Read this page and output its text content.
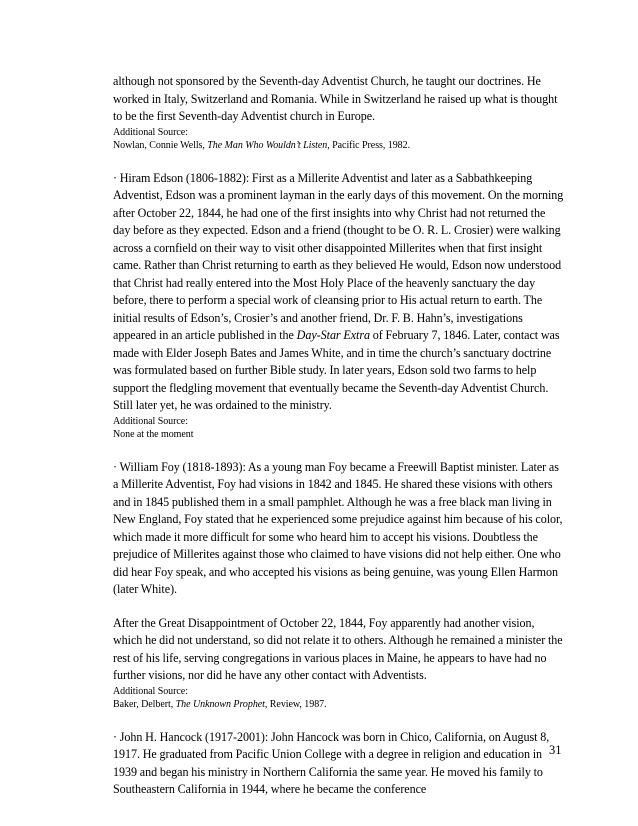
although not sponsored by the Seventh-day Adventist Church, he taught our doctrines. He worked in Italy, Switzerland and Romania. While in Switzerland he raised up what is thought to be the first Seventh-day Adventist church in Europe.

Additional Source:

Nowlan, Connie Wells, The Man Who Wouldn’t Listen, Pacific Press, 1982.

· Hiram Edson (1806-1882): First as a Millerite Adventist and later as a Sabbathkeeping Adventist, Edson was a prominent layman in the early days of this movement. On the morning after October 22, 1844, he had one of the first insights into why Christ had not returned the day before as they expected. Edson and a friend (thought to be O. R. L. Crosier) were walking across a cornfield on their way to visit other disappointed Millerites when that first insight came. Rather than Christ returning to earth as they believed He would, Edson now understood that Christ had really entered into the Most Holy Place of the heavenly sanctuary the day before, there to perform a special work of cleansing prior to His actual return to earth. The initial results of Edson’s, Crosier’s and another friend, Dr. F. B. Hahn’s, investigations appeared in an article published in the Day-Star Extra of February 7, 1846. Later, contact was made with Elder Joseph Bates and James White, and in time the church’s sanctuary doctrine was formulated based on further Bible study. In later years, Edson sold two farms to help support the fledgling movement that eventually became the Seventh-day Adventist Church. Still later yet, he was ordained to the ministry.

Additional Source:

None at the moment

· William Foy (1818-1893): As a young man Foy became a Freewill Baptist minister. Later as a Millerite Adventist, Foy had visions in 1842 and 1845. He shared these visions with others and in 1845 published them in a small pamphlet. Although he was a free black man living in New England, Foy stated that he experienced some prejudice against him because of his color, which made it more difficult for some who heard him to accept his visions. Doubtless the prejudice of Millerites against those who claimed to have visions did not help either. One who did hear Foy speak, and who accepted his visions as being genuine, was young Ellen Harmon (later White).

After the Great Disappointment of October 22, 1844, Foy apparently had another vision, which he did not understand, so did not relate it to others. Although he remained a minister the rest of his life, serving congregations in various places in Maine, he appears to have had no further visions, nor did he have any other contact with Adventists.

Additional Source:

Baker, Delbert, The Unknown Prophet, Review, 1987.

· John H. Hancock (1917-2001): John Hancock was born in Chico, California, on August 8, 1917. He graduated from Pacific Union College with a degree in religion and education in 1939 and began his ministry in Northern California the same year. He moved his family to Southeastern California in 1944, where he became the conference

31
